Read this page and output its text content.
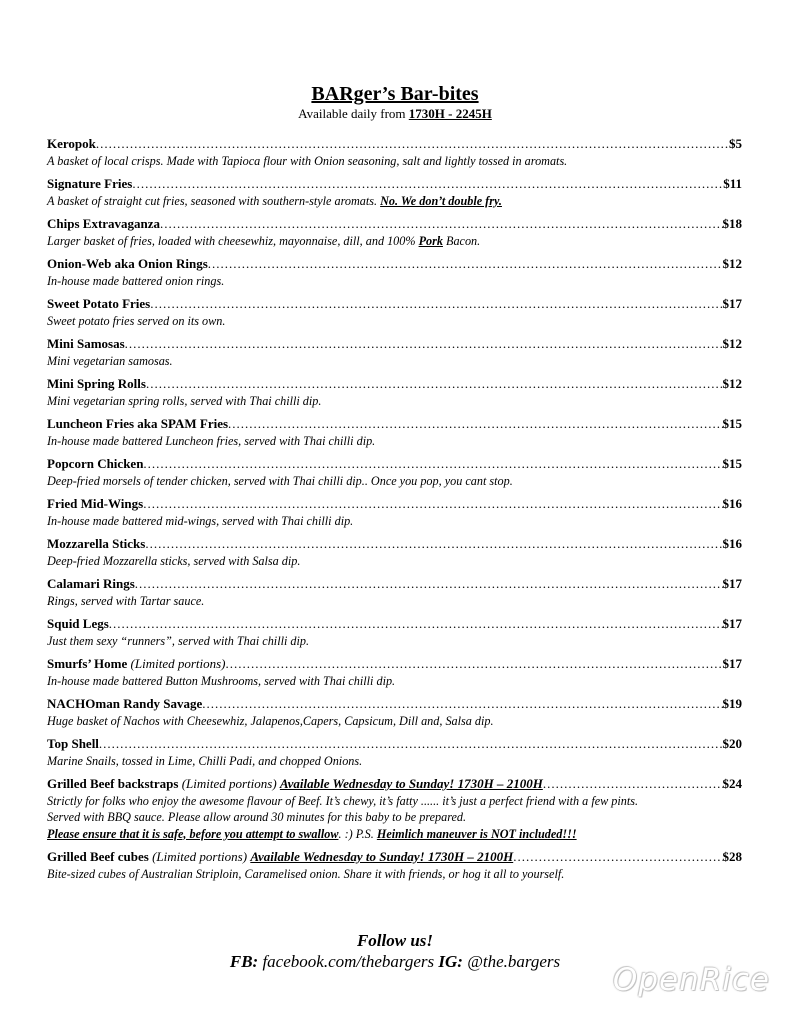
BARger’s Bar-bites
Available daily from 1730H - 2245H
Keropok .....	$5
A basket of local crisps. Made with Tapioca flour with Onion seasoning, salt and lightly tossed in aromats.
Signature Fries .....	$11
A basket of straight cut fries, seasoned with southern-style aromats. No. We don’t double fry.
Chips Extravaganza .....	$18
Larger basket of fries, loaded with cheesewhiz, mayonnaise, dill, and 100% Pork Bacon.
Onion-Web aka Onion Rings .....	$12
In-house made battered onion rings.
Sweet Potato Fries .....	$17
Sweet potato fries served on its own.
Mini Samosas .....	$12
Mini vegetarian samosas.
Mini Spring Rolls .....	$12
Mini vegetarian spring rolls, served with Thai chilli dip.
Luncheon Fries aka SPAM Fries .....	$15
In-house made battered Luncheon fries, served with Thai chilli dip.
Popcorn Chicken .....	$15
Deep-fried morsels of tender chicken, served with Thai chilli dip.. Once you pop, you cant stop.
Fried Mid-Wings .....	$16
In-house made battered mid-wings, served with Thai chilli dip.
Mozzarella Sticks .....	$16
Deep-fried Mozzarella sticks, served with Salsa dip.
Calamari Rings .....	$17
Rings, served with Tartar sauce.
Squid Legs .....	$17
Just them sexy “runners”, served with Thai chilli dip.
Smurfs’ Home
(Limited portions) .....	$17
In-house made battered Button Mushrooms, served with Thai chilli dip.
NACHOman Randy Savage .....	$19
Huge basket of Nachos with Cheesewhiz, Jalapenos,Capers, Capsicum, Dill and, Salsa dip.
Top Shell .....	$20
Marine Snails, tossed in Lime, Chilli Padi, and chopped Onions.
Grilled Beef backstraps
(Limited portions)
Available Wednesday to Sunday! 1730H – 2100H .....	$24
Strictly for folks who enjoy the awesome flavour of Beef. It’s chewy, it’s fatty ...... it’s just a perfect friend with a few pints.
Served with BBQ sauce. Please allow around 30 minutes for this baby to be prepared.
Please ensure that it is safe, before you attempt to swallow. :) P.S. Heimlich maneuver is NOT included!!!
Grilled Beef cubes
(Limited portions)
Available Wednesday to Sunday! 1730H – 2100H .....	$28
Bite-sized cubes of Australian Striploin, Caramelised onion. Share it with friends, or hog it all to yourself.
Follow us!
FB: facebook.com/thebargers IG: @the.bargers
OpenRice
